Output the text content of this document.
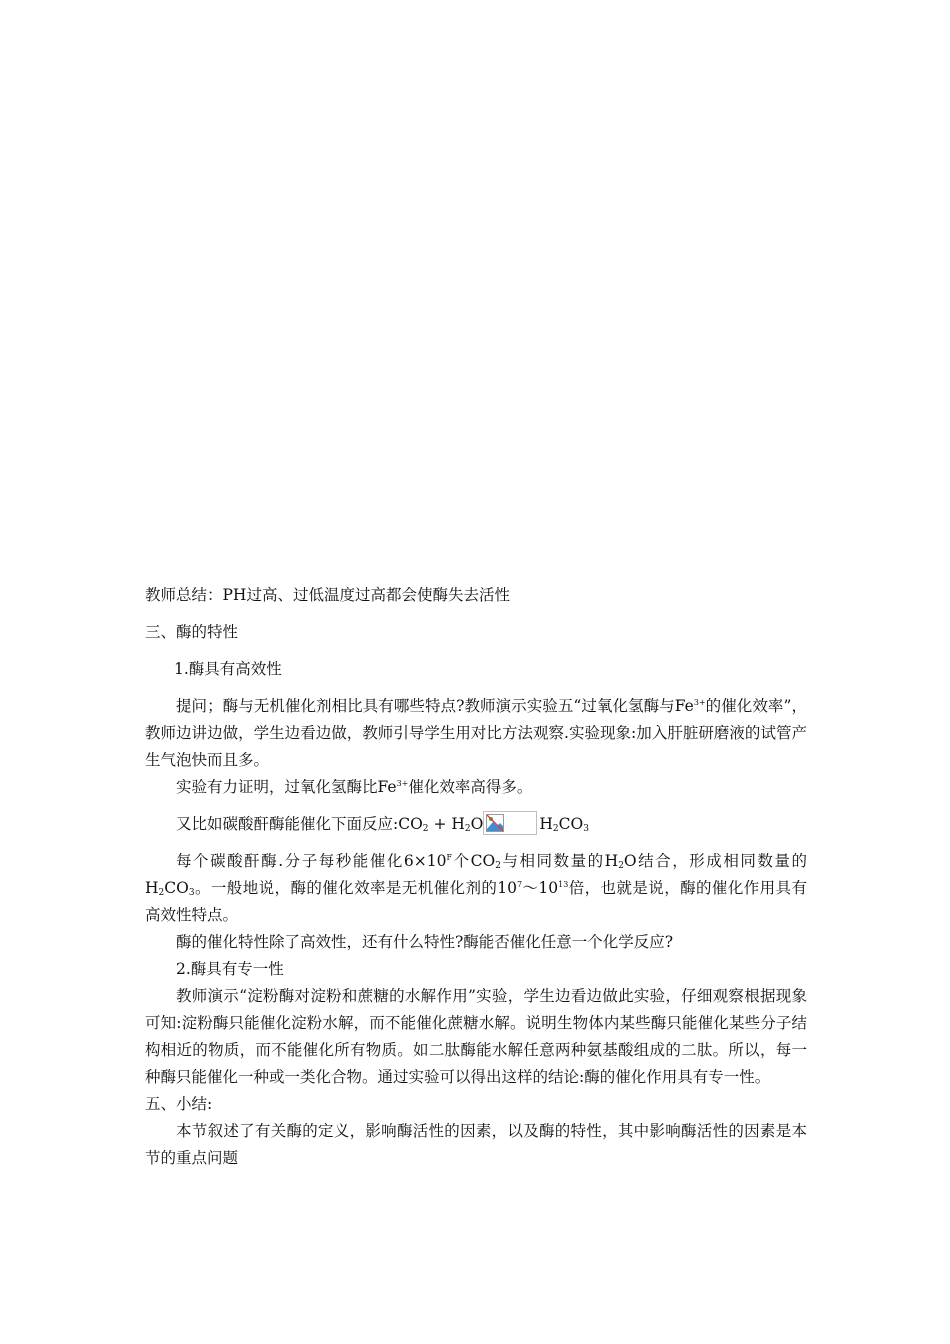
教师总结：PH过高、过低温度过高都会使酶失去活性

三、酶的特性

1.酶具有高效性

提问；酶与无机催化剂相比具有哪些特点?教师演示实验五“过氧化氢酶与$Fe^{3+}$的催化效率”，教师边讲边做，学生边看边做，教师引导学生用对比方法观察.实验现象:加入肝脏研磨液的试管产生气泡快而且多。

实验有力证明，过氧化氢酶比$Fe^{3+}$催化效率高得多。

又比如碳酸酐酶能催化下面反应$:CO_2 + H_2O$	$H_2CO_3$

每个碳酸酐酶.分子每秒能催化$6\times 10^F$个$CO_2$与相同数量的$H_2O$结合，形成相同数量的$H_2CO_3$。一般地说，酶的催化效率是无机催化剂的$10^7\sim 10^{13}$倍，也就是说，酶的催化作用具有高效性特点。

酶的催化特性除了高效性，还有什么特性?酶能否催化任意一个化学反应?

2.酶具有专一性

教师演示“淀粉酶对淀粉和蔗糖的水解作用”实验，学生边看边做此实验，仔细观察根据现象可知:淀粉酶只能催化淀粉水解，而不能催化蔗糖水解。说明生物体内某些酶只能催化某些分子结构相近的物质，而不能催化所有物质。如二肽酶能水解任意两种氨基酸组成的二肽。所以，每一种酶只能催化一种或一类化合物。通过实验可以得出这样的结论:酶的催化作用具有专一性。

五、小结:

本节叙述了有关酶的定义，影响酶活性的因素，以及酶的特性，其中影响酶活性的因素是本节的重点问题
